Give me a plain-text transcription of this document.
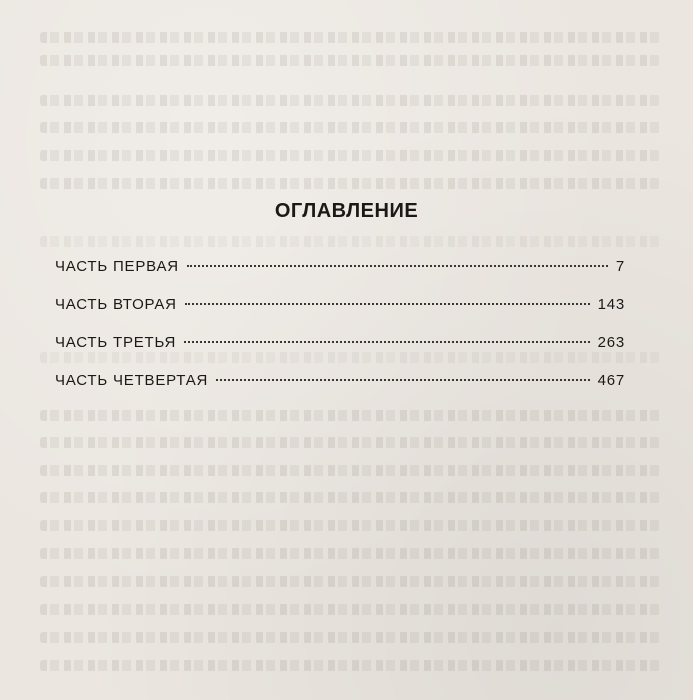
ОГЛАВЛЕНИЕ
ЧАСТЬ ПЕРВАЯ	7
ЧАСТЬ ВТОРАЯ	143
ЧАСТЬ ТРЕТЬЯ	263
ЧАСТЬ ЧЕТВЕРТАЯ	467
